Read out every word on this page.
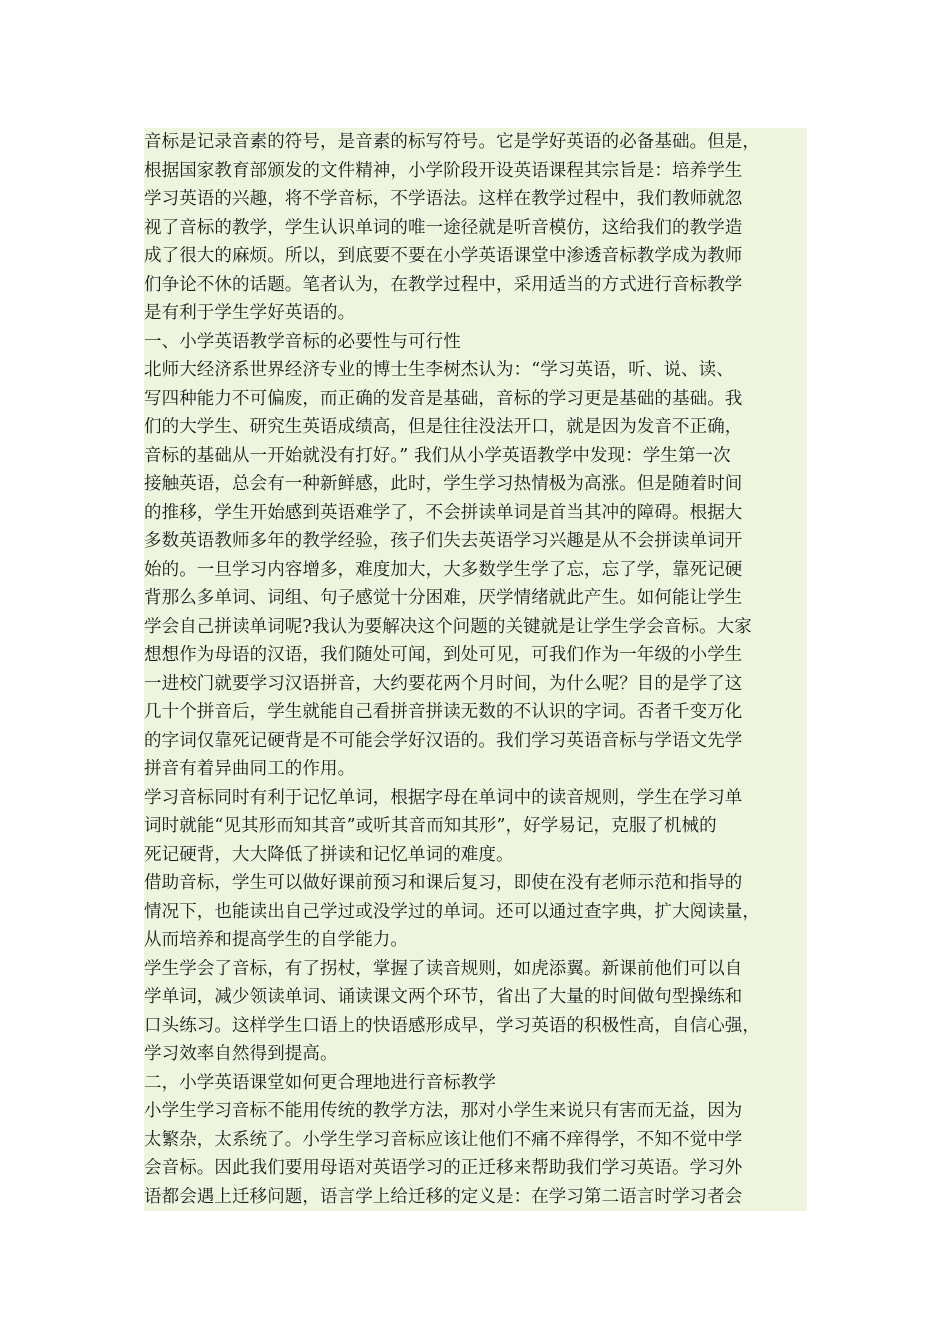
音标是记录音素的符号，是音素的标写符号。它是学好英语的必备基础。但是，
根据国家教育部颁发的文件精神，小学阶段开设英语课程其宗旨是：培养学生
学习英语的兴趣，将不学音标，不学语法。这样在教学过程中，我们教师就忽
视了音标的教学，学生认识单词的唯一途径就是听音模仿，这给我们的教学造
成了很大的麻烦。所以，到底要不要在小学英语课堂中渗透音标教学成为教师
们争论不休的话题。笔者认为，在教学过程中，采用适当的方式进行音标教学
是有利于学生学好英语的。
一、小学英语教学音标的必要性与可行性
北师大经济系世界经济专业的博士生李树杰认为：“学习英语，听、说、读、
写四种能力不可偏废，而正确的发音是基础，音标的学习更是基础的基础。我
们的大学生、研究生英语成绩高，但是往往没法开口，就是因为发音不正确，
音标的基础从一开始就没有打好。” 我们从小学英语教学中发现：学生第一次
接触英语，总会有一种新鲜感，此时，学生学习热情极为高涨。但是随着时间
的推移，学生开始感到英语难学了，不会拼读单词是首当其冲的障碍。根据大
多数英语教师多年的教学经验，孩子们失去英语学习兴趣是从不会拼读单词开
始的。一旦学习内容增多，难度加大，大多数学生学了忘，忘了学，靠死记硬
背那么多单词、词组、句子感觉十分困难，厌学情绪就此产生。如何能让学生
学会自己拼读单词呢?我认为要解决这个问题的关键就是让学生学会音标。大家
想想作为母语的汉语，我们随处可闻，到处可见，可我们作为一年级的小学生
一进校门就要学习汉语拼音，大约要花两个月时间，为什么呢？目的是学了这
几十个拼音后，学生就能自己看拼音拼读无数的不认识的字词。否者千变万化
的字词仅靠死记硬背是不可能会学好汉语的。我们学习英语音标与学语文先学
拼音有着异曲同工的作用。
学习音标同时有利于记忆单词，根据字母在单词中的读音规则，学生在学习单
词时就能“见其形而知其音”或听其音而知其形”，好学易记，克服了机械的
死记硬背，大大降低了拼读和记忆单词的难度。
借助音标，学生可以做好课前预习和课后复习，即使在没有老师示范和指导的
情况下，也能读出自己学过或没学过的单词。还可以通过查字典，扩大阅读量，
从而培养和提高学生的自学能力。
学生学会了音标，有了拐杖，掌握了读音规则，如虎添翼。新课前他们可以自
学单词，减少领读单词、诵读课文两个环节，省出了大量的时间做句型操练和
口头练习。这样学生口语上的快语感形成早，学习英语的积极性高，自信心强，
学习效率自然得到提高。
二，小学英语课堂如何更合理地进行音标教学
小学生学习音标不能用传统的教学方法，那对小学生来说只有害而无益，因为
太繁杂，太系统了。小学生学习音标应该让他们不痛不痒得学，不知不觉中学
会音标。因此我们要用母语对英语学习的正迁移来帮助我们学习英语。学习外
语都会遇上迁移问题，语言学上给迁移的定义是：在学习第二语言时学习者会
